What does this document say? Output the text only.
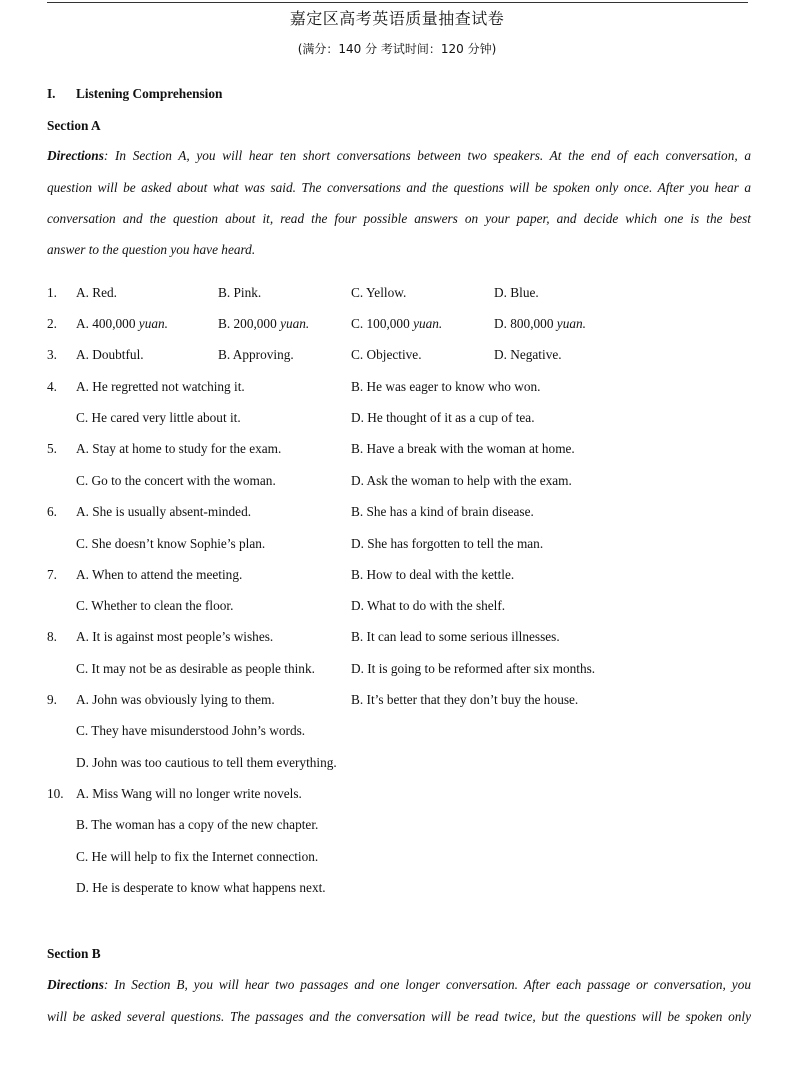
嘉定区高考英语质量抽查试卷
(满分：140 分 考试时间：120 分钟)
I. Listening Comprehension
Section A
Directions: In Section A, you will hear ten short conversations between two speakers. At the end of each conversation, a
question will be asked about what was said. The conversations and the questions will be spoken only once. After you hear a
conversation and the question about it, read the four possible answers on your paper, and decide which one is the best
answer to the question you have heard.
1. A. Red.	B. Pink.	C. Yellow.	D. Blue.
2. A. 400,000 yuan.	B. 200,000 yuan.	C. 100,000 yuan.	D. 800,000 yuan.
3. A. Doubtful.	B. Approving.	C. Objective.	D. Negative.
4. A. He regretted not watching it.	B. He was eager to know who won.
C. He cared very little about it.	D. He thought of it as a cup of tea.
5. A. Stay at home to study for the exam.	B. Have a break with the woman at home.
C. Go to the concert with the woman.	D. Ask the woman to help with the exam.
6. A. She is usually absent-minded.	B. She has a kind of brain disease.
C. She doesn’t know Sophie’s plan.	D. She has forgotten to tell the man.
7. A. When to attend the meeting.	B. How to deal with the kettle.
C. Whether to clean the floor.	D. What to do with the shelf.
8. A. It is against most people’s wishes.	B. It can lead to some serious illnesses.
C. It may not be as desirable as people think.	D. It is going to be reformed after six months.
9. A. John was obviously lying to them.	B. It’s better that they don’t buy the house.
C. They have misunderstood John’s words.
D. John was too cautious to tell them everything.
10. A. Miss Wang will no longer write novels.
B. The woman has a copy of the new chapter.
C. He will help to fix the Internet connection.
D. He is desperate to know what happens next.
Section B
Directions: In Section B, you will hear two passages and one longer conversation. After each passage or conversation, you
will be asked several questions. The passages and the conversation will be read twice, but the questions will be spoken only
